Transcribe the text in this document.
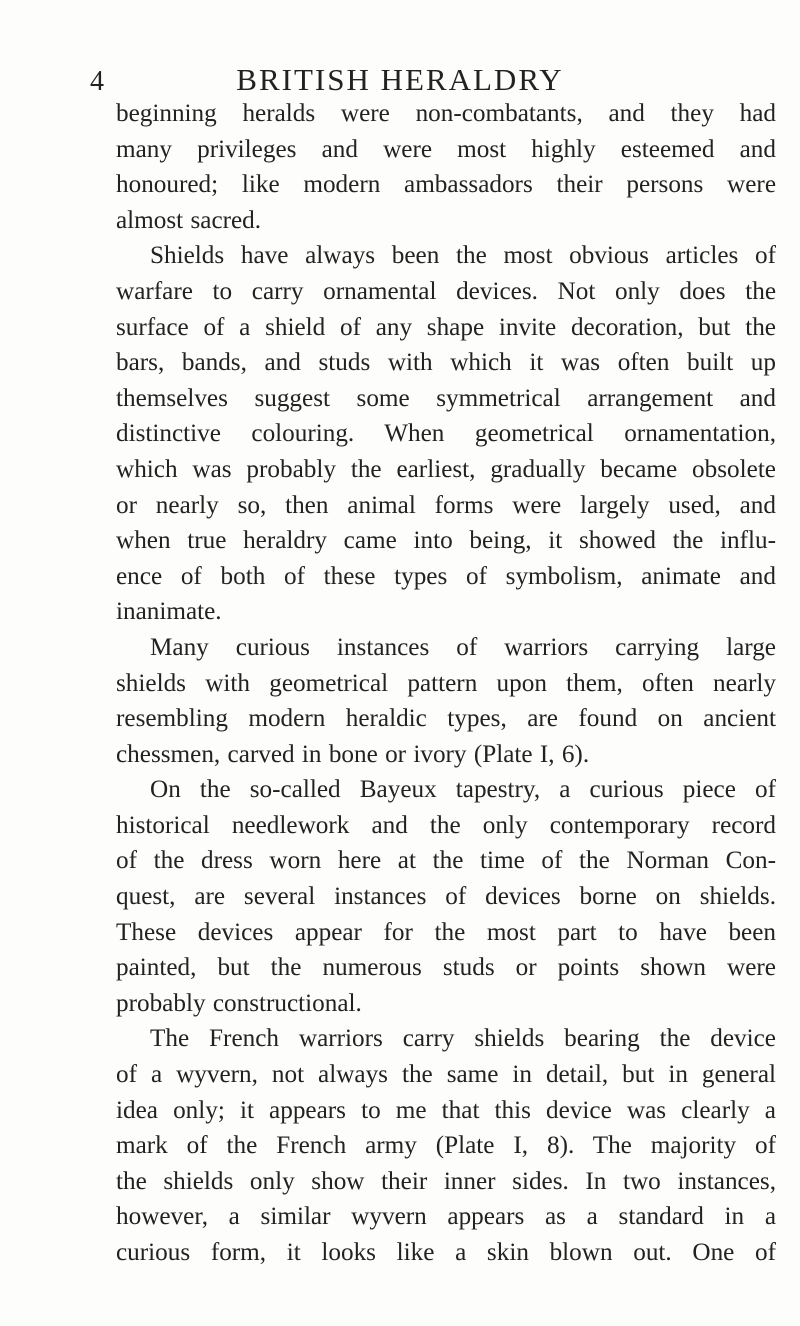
4	BRITISH HERALDRY
beginning heralds were non-combatants, and they had
many privileges and were most highly esteemed and
honoured; like modern ambassadors their persons were
almost sacred.
Shields have always been the most obvious articles of
warfare to carry ornamental devices. Not only does the
surface of a shield of any shape invite decoration, but the
bars, bands, and studs with which it was often built up
themselves suggest some symmetrical arrangement and
distinctive colouring. When geometrical ornamentation,
which was probably the earliest, gradually became obsolete
or nearly so, then animal forms were largely used, and
when true heraldry came into being, it showed the influ-
ence of both of these types of symbolism, animate and
inanimate.
Many curious instances of warriors carrying large
shields with geometrical pattern upon them, often nearly
resembling modern heraldic types, are found on ancient
chessmen, carved in bone or ivory (Plate I, 6).
On the so-called Bayeux tapestry, a curious piece of
historical needlework and the only contemporary record
of the dress worn here at the time of the Norman Con-
quest, are several instances of devices borne on shields.
These devices appear for the most part to have been
painted, but the numerous studs or points shown were
probably constructional.
The French warriors carry shields bearing the device
of a wyvern, not always the same in detail, but in general
idea only; it appears to me that this device was clearly a
mark of the French army (Plate I, 8). The majority of
the shields only show their inner sides. In two instances,
however, a similar wyvern appears as a standard in a
curious form, it looks like a skin blown out. One of
